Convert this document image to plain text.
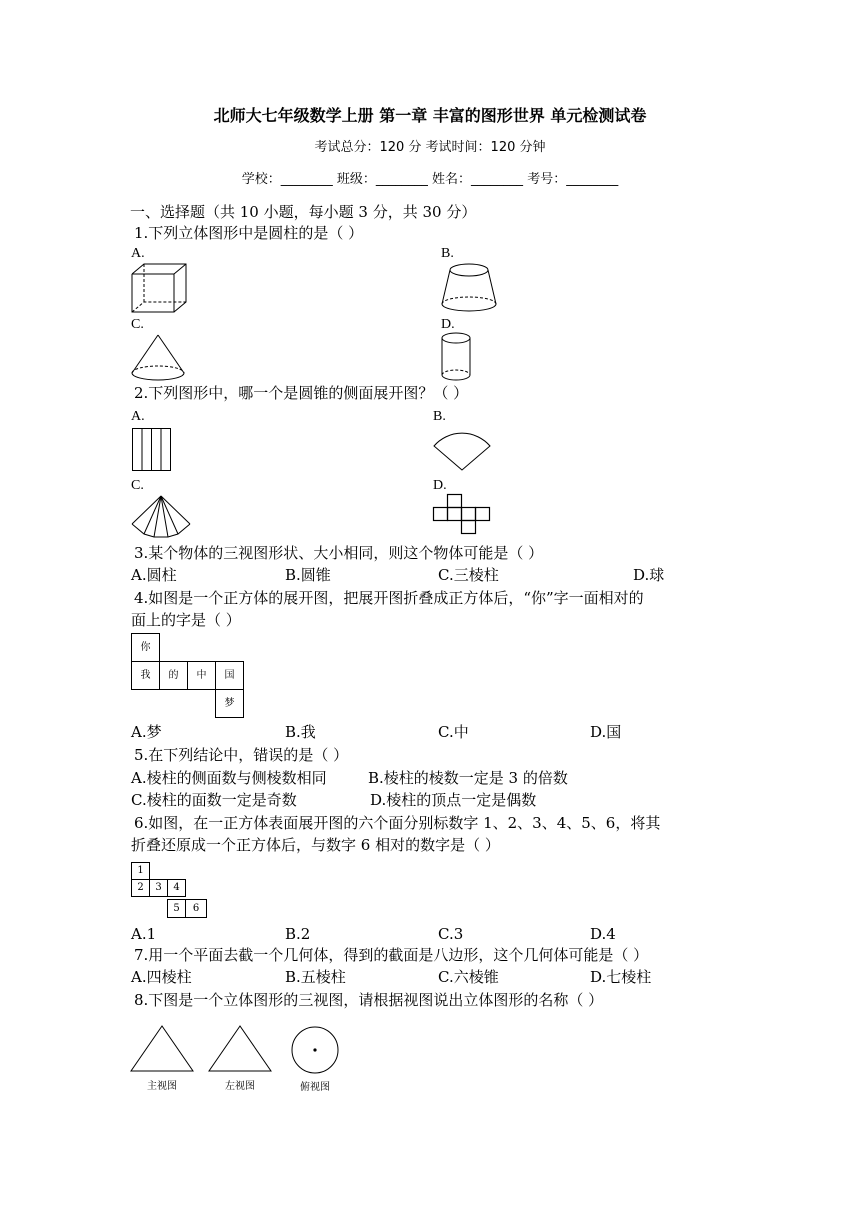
北师大七年级数学上册 第一章 丰富的图形世界 单元检测试卷
考试总分：120 分 考试时间：120 分钟
学校：________ 班级：________ 姓名：________ 考号：________
一、选择题（共 10 小题，每小题 3 分，共 30 分）
1.下列立体图形中是圆柱的是（ ）
A.	B.
C.	D.
2.下列图形中，哪一个是圆锥的侧面展开图？（ ）
A.	B.
C.	D.
3.某个物体的三视图形状、大小相同，则这个物体可能是（ ）
A.圆柱	B.圆锥	C.三棱柱	D.球
4.如图是一个正方体的展开图，把展开图折叠成正方体后，“你”字一面相对的
面上的字是（ ）
你
我	的	中	国
梦
A.梦	B.我	C.中	D.国
5.在下列结论中，错误的是（ ）
A.棱柱的侧面数与侧棱数相同	B.棱柱的棱数一定是 3 的倍数
C.棱柱的面数一定是奇数	D.棱柱的顶点一定是偶数
6.如图，在一正方体表面展开图的六个面分别标数字 1、2、3、4、5、6，将其
折叠还原成一个正方体后，与数字 6 相对的数字是（ ）
1
2	3	4
5	6
A.1	B.2	C.3	D.4
7.用一个平面去截一个几何体，得到的截面是八边形，这个几何体可能是（ ）
A.四棱柱	B.五棱柱	C.六棱锥	D.七棱柱
8.下图是一个立体图形的三视图，请根据视图说出立体图形的名称（ ）
主视图	左视图	俯视图
